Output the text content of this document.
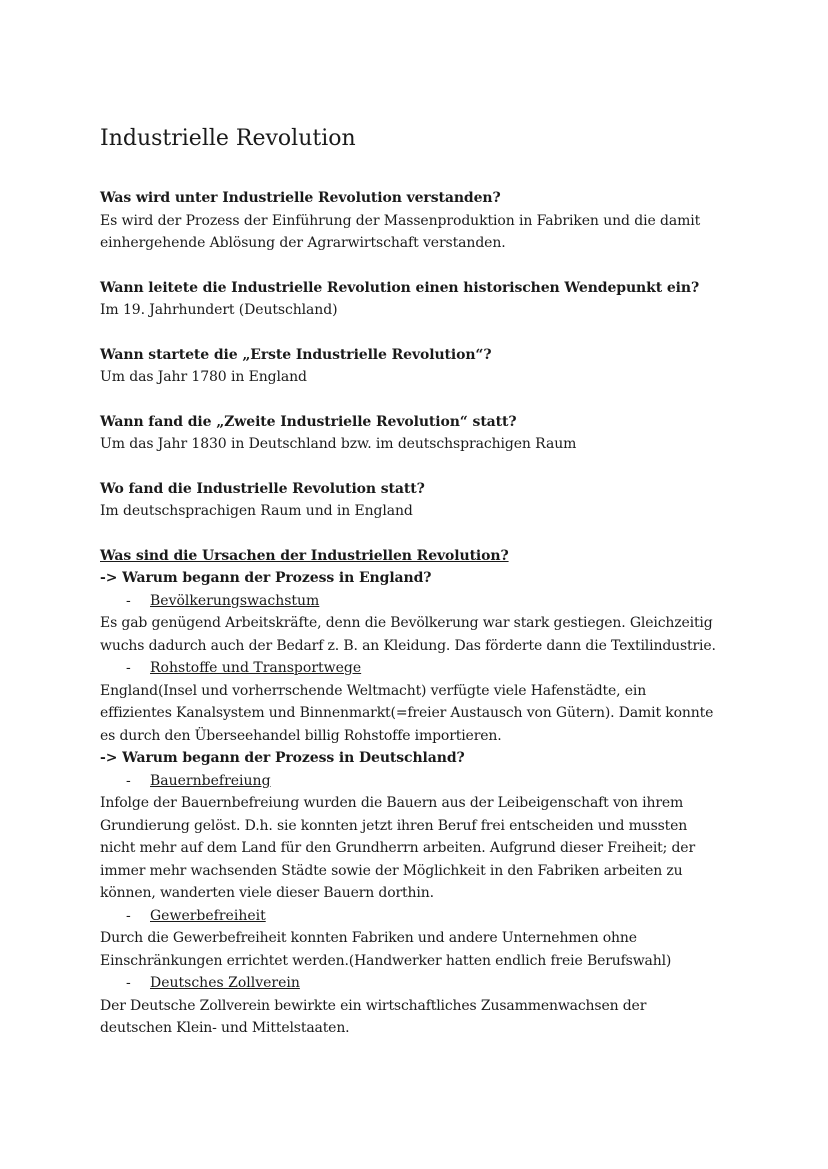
Industrielle Revolution

Was wird unter Industrielle Revolution verstanden?

Es wird der Prozess der Einführung der Massenproduktion in Fabriken und die damit

einhergehende Ablösung der Agrarwirtschaft verstanden.

Wann leitete die Industrielle Revolution einen historischen Wendepunkt ein?

Im 19. Jahrhundert (Deutschland)

Wann startete die „Erste Industrielle Revolution“?

Um das Jahr 1780 in England

Wann fand die „Zweite Industrielle Revolution“ statt?

Um das Jahr 1830 in Deutschland bzw. im deutschsprachigen Raum

Wo fand die Industrielle Revolution statt?

Im deutschsprachigen Raum und in England

Was sind die Ursachen der Industriellen Revolution?

-> Warum begann der Prozess in England?

- Bevölkerungswachstum

Es gab genügend Arbeitskräfte, denn die Bevölkerung war stark gestiegen. Gleichzeitig

wuchs dadurch auch der Bedarf z. B. an Kleidung. Das förderte dann die Textilindustrie.

- Rohstoffe und Transportwege

England(Insel und vorherrschende Weltmacht) verfügte viele Hafenstädte, ein

effizientes Kanalsystem und Binnenmarkt(=freier Austausch von Gütern). Damit konnte

es durch den Überseehandel billig Rohstoffe importieren.

-> Warum begann der Prozess in Deutschland?

- Bauernbefreiung

Infolge der Bauernbefreiung wurden die Bauern aus der Leibeigenschaft von ihrem

Grundierung gelöst. D.h. sie konnten jetzt ihren Beruf frei entscheiden und mussten

nicht mehr auf dem Land für den Grundherrn arbeiten. Aufgrund dieser Freiheit; der

immer mehr wachsenden Städte sowie der Möglichkeit in den Fabriken arbeiten zu

können, wanderten viele dieser Bauern dorthin.

- Gewerbefreiheit

Durch die Gewerbefreiheit konnten Fabriken und andere Unternehmen ohne

Einschränkungen errichtet werden.(Handwerker hatten endlich freie Berufswahl)

- Deutsches Zollverein

Der Deutsche Zollverein bewirkte ein wirtschaftliches Zusammenwachsen der

deutschen Klein- und Mittelstaaten.
